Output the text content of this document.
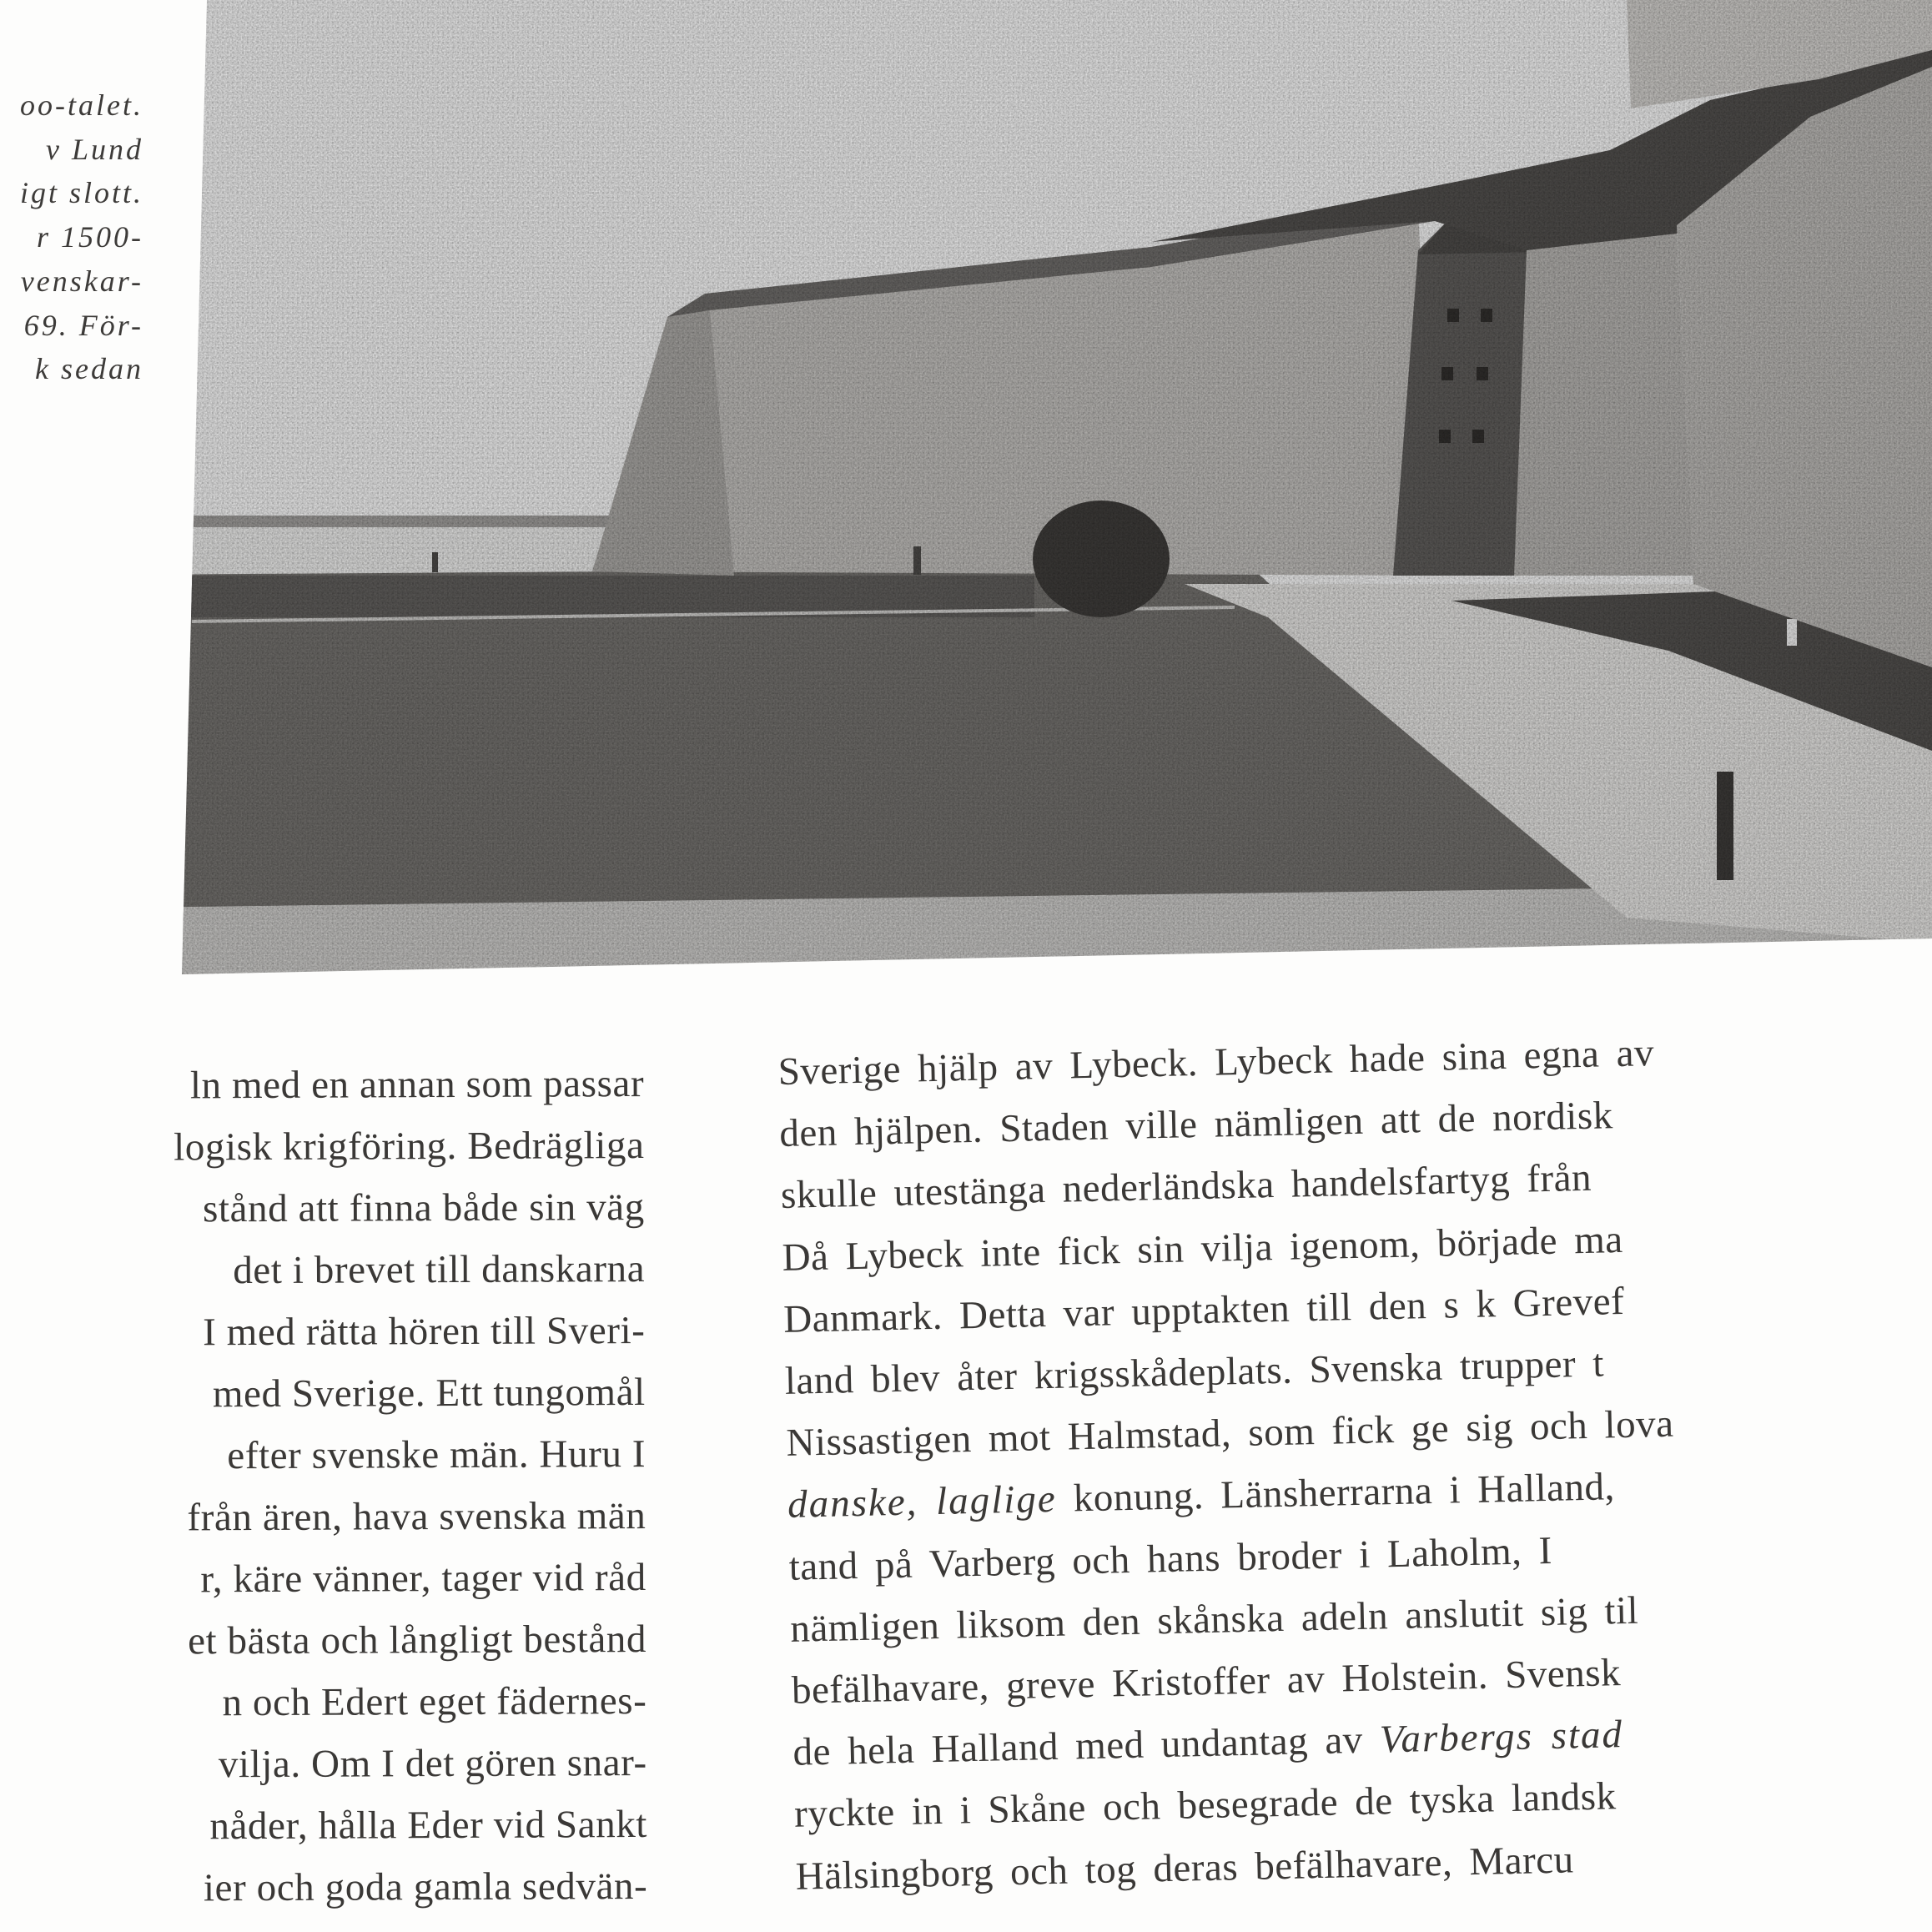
oo-talet.
v Lund
igt slott.
r 1500-
venskar-
69. För-
k sedan
ln med en annan som passar
logisk krigföring. Bedrägliga
stånd att finna både sin väg
det i brevet till danskarna
I med rätta hören till Sveri-
med Sverige. Ett tungomål
efter svenske män. Huru I
från ären, hava svenska män
r, käre vänner, tager vid råd
et bästa och långligt bestånd
n och Edert eget fädernes-
vilja. Om I det gören snar-
nåder, hålla Eder vid Sankt
ier och goda gamla sedvän-
Sverige hjälp av Lybeck. Lybeck hade sina egna av
den hjälpen. Staden ville nämligen att de nordisk
skulle utestänga nederländska handelsfartyg från
Då Lybeck inte fick sin vilja igenom, började ma
Danmark. Detta var upptakten till den s k Grevef
land blev åter krigsskådeplats. Svenska trupper t
Nissastigen mot Halmstad, som fick ge sig och lova
danske, laglige konung. Länsherrarna i Halland,
tand på Varberg och hans broder i Laholm, I
nämligen liksom den skånska adeln anslutit sig til
befälhavare, greve Kristoffer av Holstein. Svensk
de hela Halland med undantag av Varbergs stad
ryckte in i Skåne och besegrade de tyska landsk
Hälsingborg och tog deras befälhavare, Marcu
